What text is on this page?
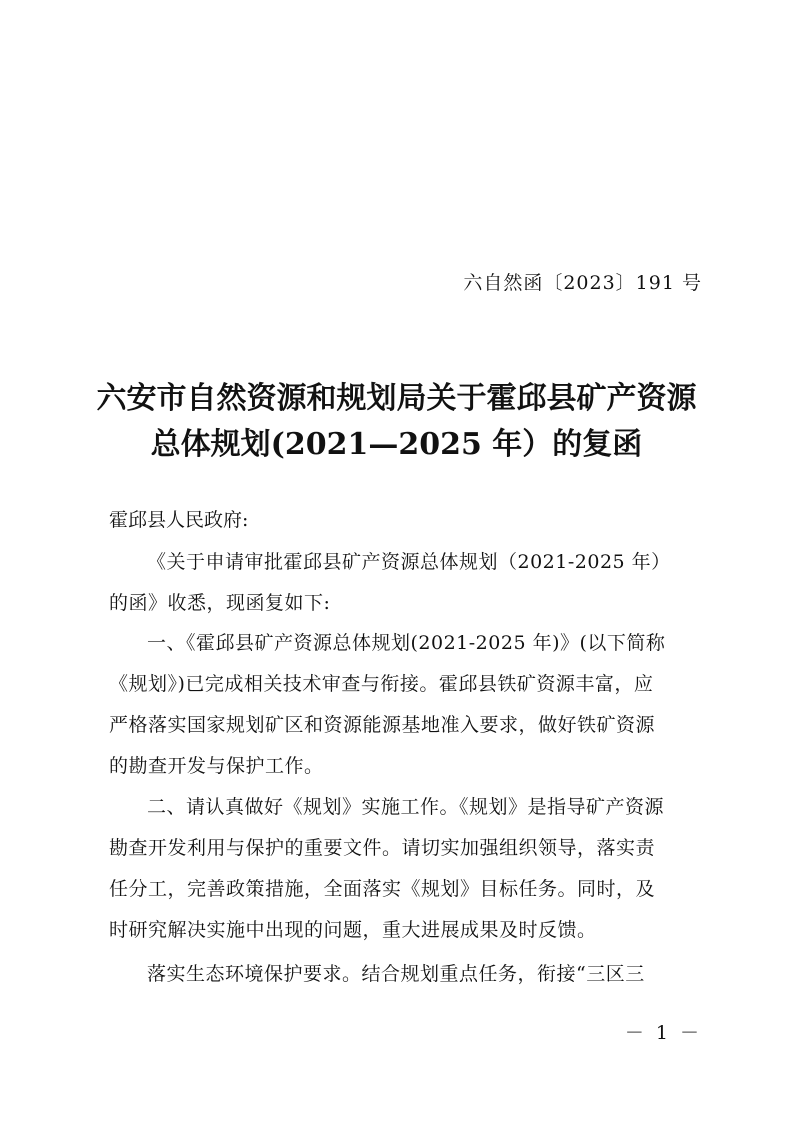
六自然函〔2023〕191 号
六安市自然资源和规划局关于霍邱县矿产资源
总体规划(2021—2025 年）的复函
霍邱县人民政府:
《关于申请审批霍邱县矿产资源总体规划（2021-2025 年）
的函》收悉，现函复如下:
一、《霍邱县矿产资源总体规划(2021-2025 年)》(以下简称
《规划》)已完成相关技术审查与衔接。霍邱县铁矿资源丰富，应
严格落实国家规划矿区和资源能源基地准入要求，做好铁矿资源
的勘查开发与保护工作。
二、请认真做好《规划》实施工作。《规划》是指导矿产资源
勘查开发利用与保护的重要文件。请切实加强组织领导，落实责
任分工，完善政策措施，全面落实《规划》目标任务。同时，及
时研究解决实施中出现的问题，重大进展成果及时反馈。
落实生态环境保护要求。结合规划重点任务，衔接“三区三
－ 1 －
